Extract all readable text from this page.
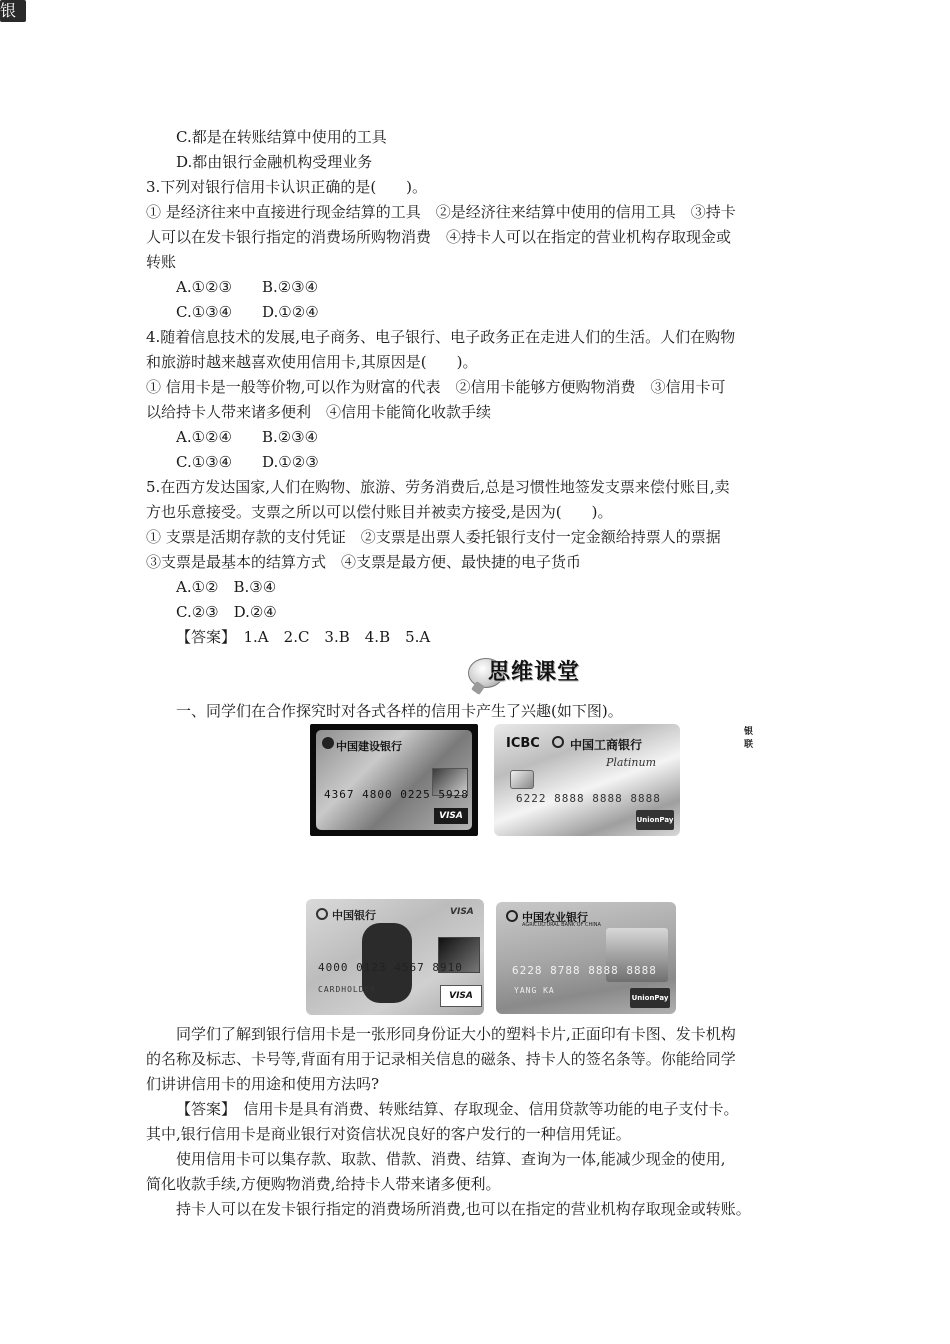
C.都是在转账结算中使用的工具
D.都由银行金融机构受理业务
3.下列对银行信用卡认识正确的是(　　)。
① 是经济往来中直接进行现金结算的工具　②是经济往来结算中使用的信用工具　③持卡
人可以在发卡银行指定的消费场所购物消费　④持卡人可以在指定的营业机构存取现金或
转账
A.①②③　　B.②③④
C.①③④　　D.①②④
4.随着信息技术的发展,电子商务、电子银行、电子政务正在走进人们的生活。人们在购物
和旅游时越来越喜欢使用信用卡,其原因是(　　)。
① 信用卡是一般等价物,可以作为财富的代表　②信用卡能够方便购物消费　③信用卡可
以给持卡人带来诸多便利　④信用卡能简化收款手续
A.①②④　　B.②③④
C.①③④　　D.①②③
5.在西方发达国家,人们在购物、旅游、劳务消费后,总是习惯性地签发支票来偿付账目,卖
方也乐意接受。支票之所以可以偿付账目并被卖方接受,是因为(　　)。
① 支票是活期存款的支付凭证　②支票是出票人委托银行支付一定金额给持票人的票据
③支票是最基本的结算方式　④支票是最方便、最快捷的电子货币
A.①②　B.③④
C.②③　D.②④
【答案】　1.A　2.C　3.B　4.B　5.A
思维课堂
一、同学们在合作探究时对各式各样的信用卡产生了兴趣(如下图)。
中国建设银行
银联
4367 4800 0225 5928
VISA
银联
ICBC	中国工商银行
Platinum
6222 8888 8888 8888
UnionPay
中国银行	VISA
4000 0123 4567 8910
CARDHOLDER
VISA
中国农业银行
AGRICULTURAL BANK OF CHINA
6228 8788 8888 8888
YANG KA
UnionPay
同学们了解到银行信用卡是一张形同身份证大小的塑料卡片,正面印有卡图、发卡机构
的名称及标志、卡号等,背面有用于记录相关信息的磁条、持卡人的签名条等。你能给同学
们讲讲信用卡的用途和使用方法吗?
【答案】　信用卡是具有消费、转账结算、存取现金、信用贷款等功能的电子支付卡。
其中,银行信用卡是商业银行对资信状况良好的客户发行的一种信用凭证。
使用信用卡可以集存款、取款、借款、消费、结算、查询为一体,能减少现金的使用,
简化收款手续,方便购物消费,给持卡人带来诸多便利。
持卡人可以在发卡银行指定的消费场所消费,也可以在指定的营业机构存取现金或转账。
